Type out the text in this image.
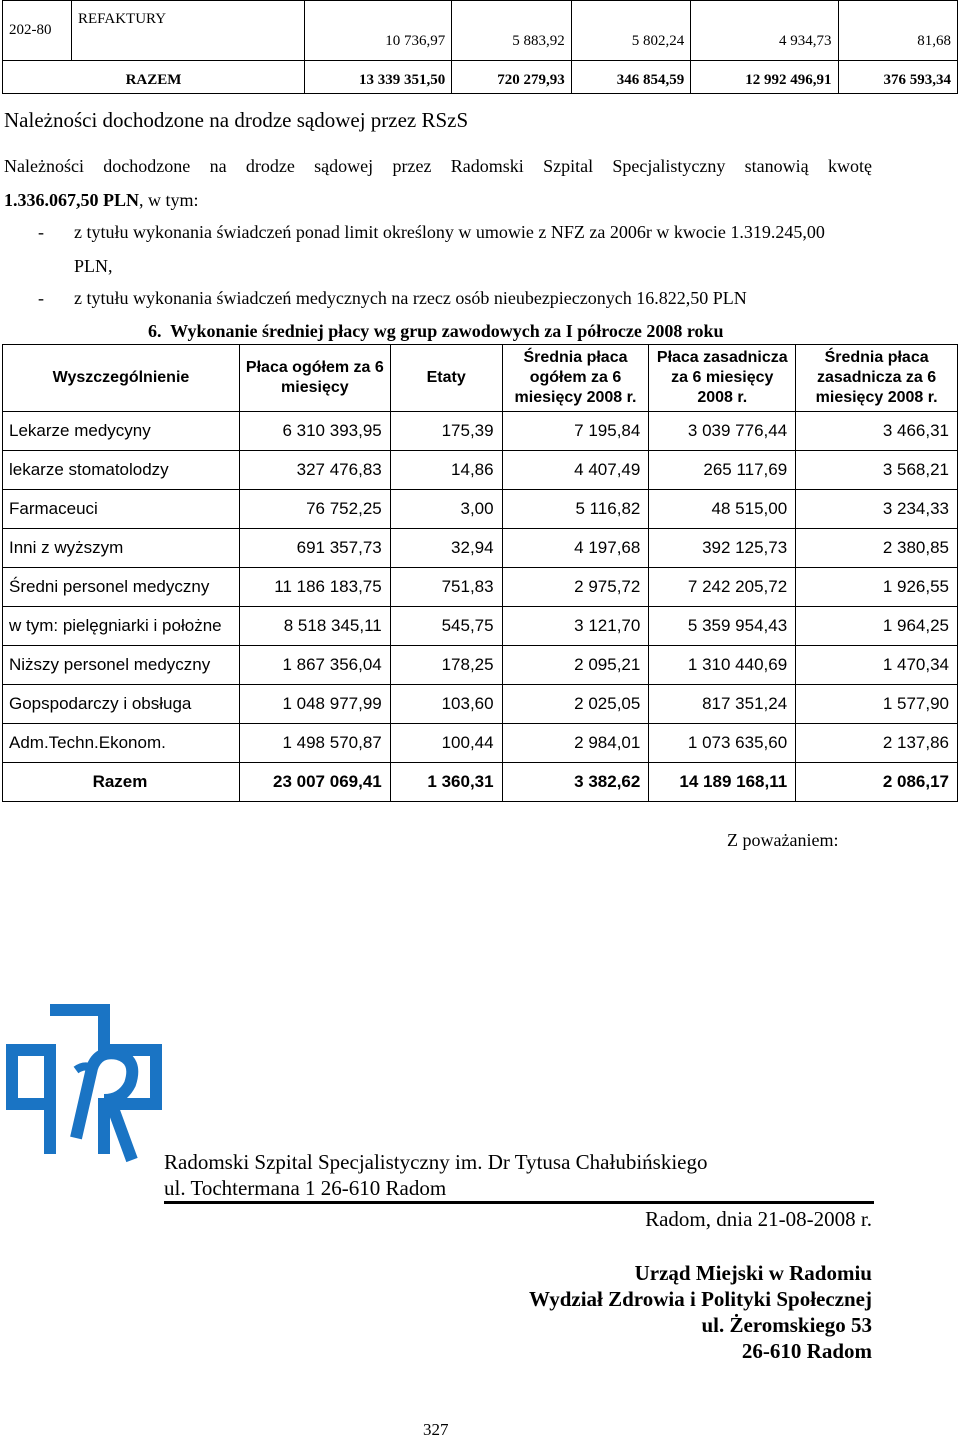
202-80	REFAKTURY	10 736,97	5 883,92	5 802,24	4 934,73	81,68
RAZEM		13 339 351,50	720 279,93	346 854,59	12 992 496,91	376 593,34
Należności dochodzone na drodze sądowej przez RSzS
Należności dochodzone na drodze sądowej przez Radomski Szpital Specjalistyczny stanowią kwotę
1.336.067,50 PLN, w tym:
- z tytułu wykonania świadczeń ponad limit określony w umowie z NFZ za 2006r w kwocie 1.319.245,00
PLN,
- z tytułu wykonania świadczeń medycznych na rzecz osób nieubezpieczonych 16.822,50 PLN
6.  Wykonanie średniej płacy wg grup zawodowych za I półrocze 2008 roku
Wyszczególnienie	Płaca ogółem za 6 miesięcy	Etaty	Średnia płaca ogółem za 6 miesięcy 2008 r.	Płaca zasadnicza za 6 miesięcy 2008 r.	Średnia płaca zasadnicza za 6 miesięcy 2008 r.
Lekarze medycyny	6 310 393,95	175,39	7 195,84	3 039 776,44	3 466,31
lekarze stomatolodzy	327 476,83	14,86	4 407,49	265 117,69	3 568,21
Farmaceuci	76 752,25	3,00	5 116,82	48 515,00	3 234,33
Inni z wyższym	691 357,73	32,94	4 197,68	392 125,73	2 380,85
Średni personel medyczny	11 186 183,75	751,83	2 975,72	7 242 205,72	1 926,55
w tym: pielęgniarki i położne	8 518 345,11	545,75	3 121,70	5 359 954,43	1 964,25
Niższy personel medyczny	1 867 356,04	178,25	2 095,21	1 310 440,69	1 470,34
Gopspodarczy i obsługa	1 048 977,99	103,60	2 025,05	817 351,24	1 577,90
Adm.Techn.Ekonom.	1 498 570,87	100,44	2 984,01	1 073 635,60	2 137,86
Razem	23 007 069,41	1 360,31	3 382,62	14 189 168,11	2 086,17
Z poważaniem:
Radomski Szpital Specjalistyczny im. Dr Tytusa Chałubińskiego
ul. Tochtermana 1 26-610 Radom
Radom, dnia 21-08-2008 r.
Urząd Miejski w Radomiu
Wydział Zdrowia i Polityki Społecznej
ul. Żeromskiego 53
26-610 Radom
327
